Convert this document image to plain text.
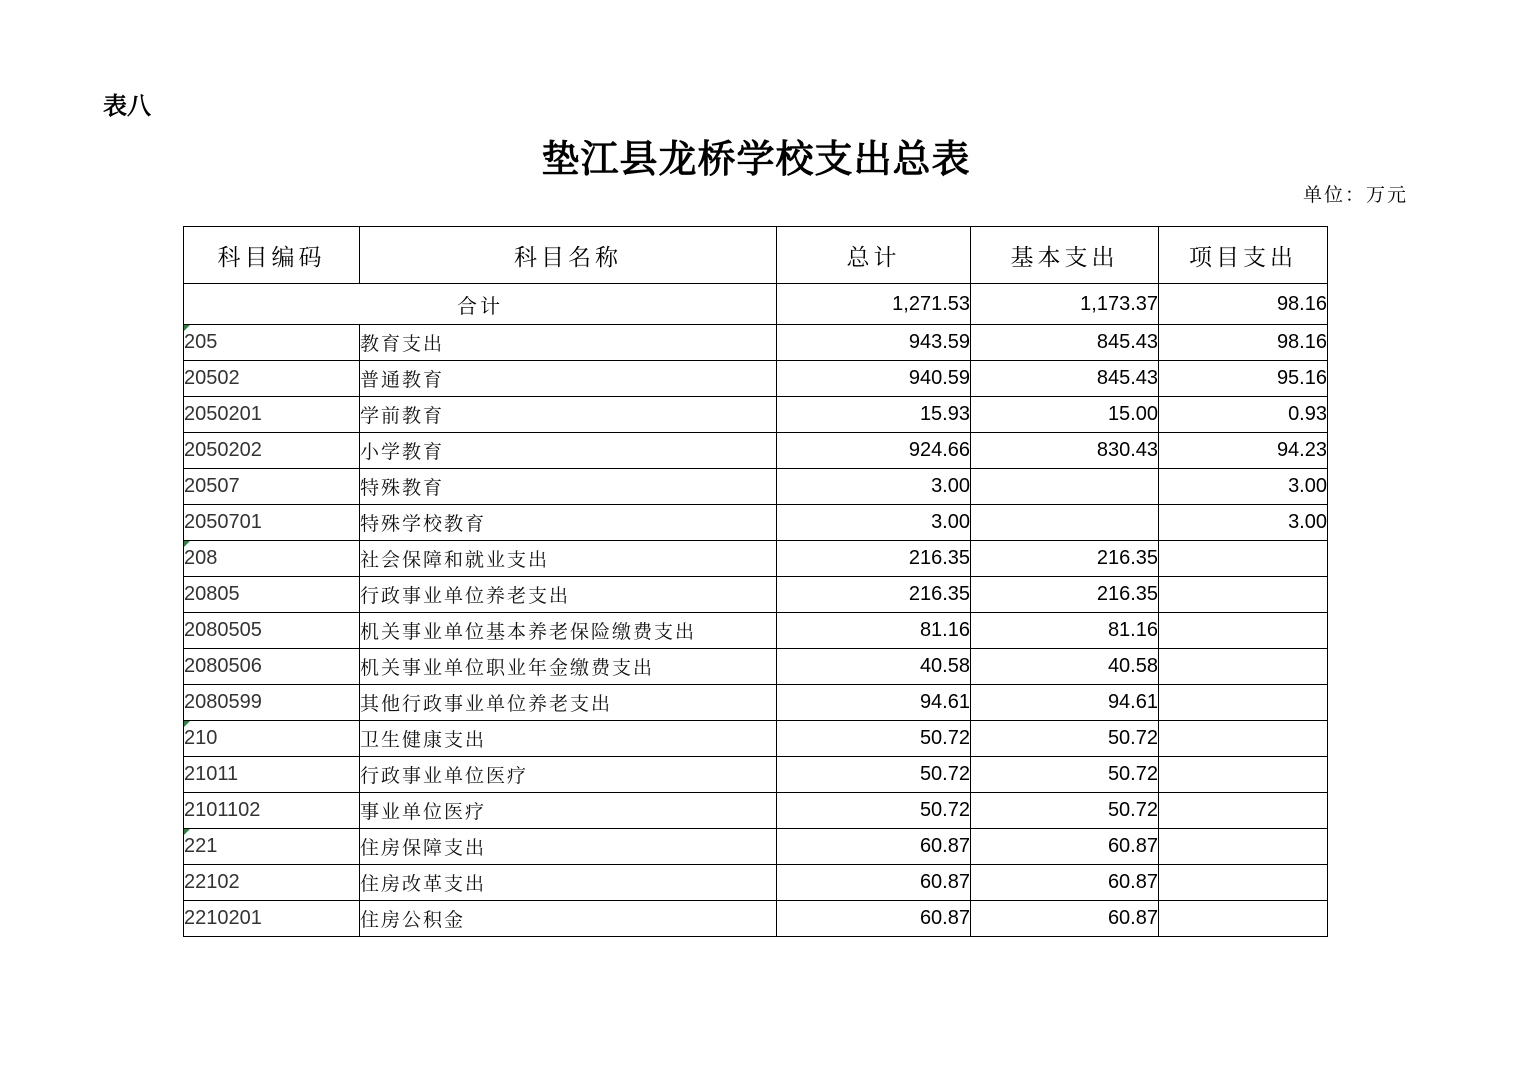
表八
垫江县龙桥学校支出总表
单位：万元
科目编码	科目名称	总计	基本支出	项目支出
合计		1,271.53	1,173.37	98.16

205	教育支出	943.59	845.43	98.16
20502	普通教育	940.59	845.43	95.16
2050201	学前教育	15.93	15.00	0.93
2050202	小学教育	924.66	830.43	94.23
20507	特殊教育	3.00		3.00
2050701	特殊学校教育	3.00		3.00

208	社会保障和就业支出	216.35	216.35	
20805	行政事业单位养老支出	216.35	216.35	
2080505	机关事业单位基本养老保险缴费支出	81.16	81.16	
2080506	机关事业单位职业年金缴费支出	40.58	40.58	
2080599	其他行政事业单位养老支出	94.61	94.61	

210	卫生健康支出	50.72	50.72	
21011	行政事业单位医疗	50.72	50.72	
2101102	事业单位医疗	50.72	50.72	

221	住房保障支出	60.87	60.87	
22102	住房改革支出	60.87	60.87	
2210201	住房公积金	60.87	60.87	
